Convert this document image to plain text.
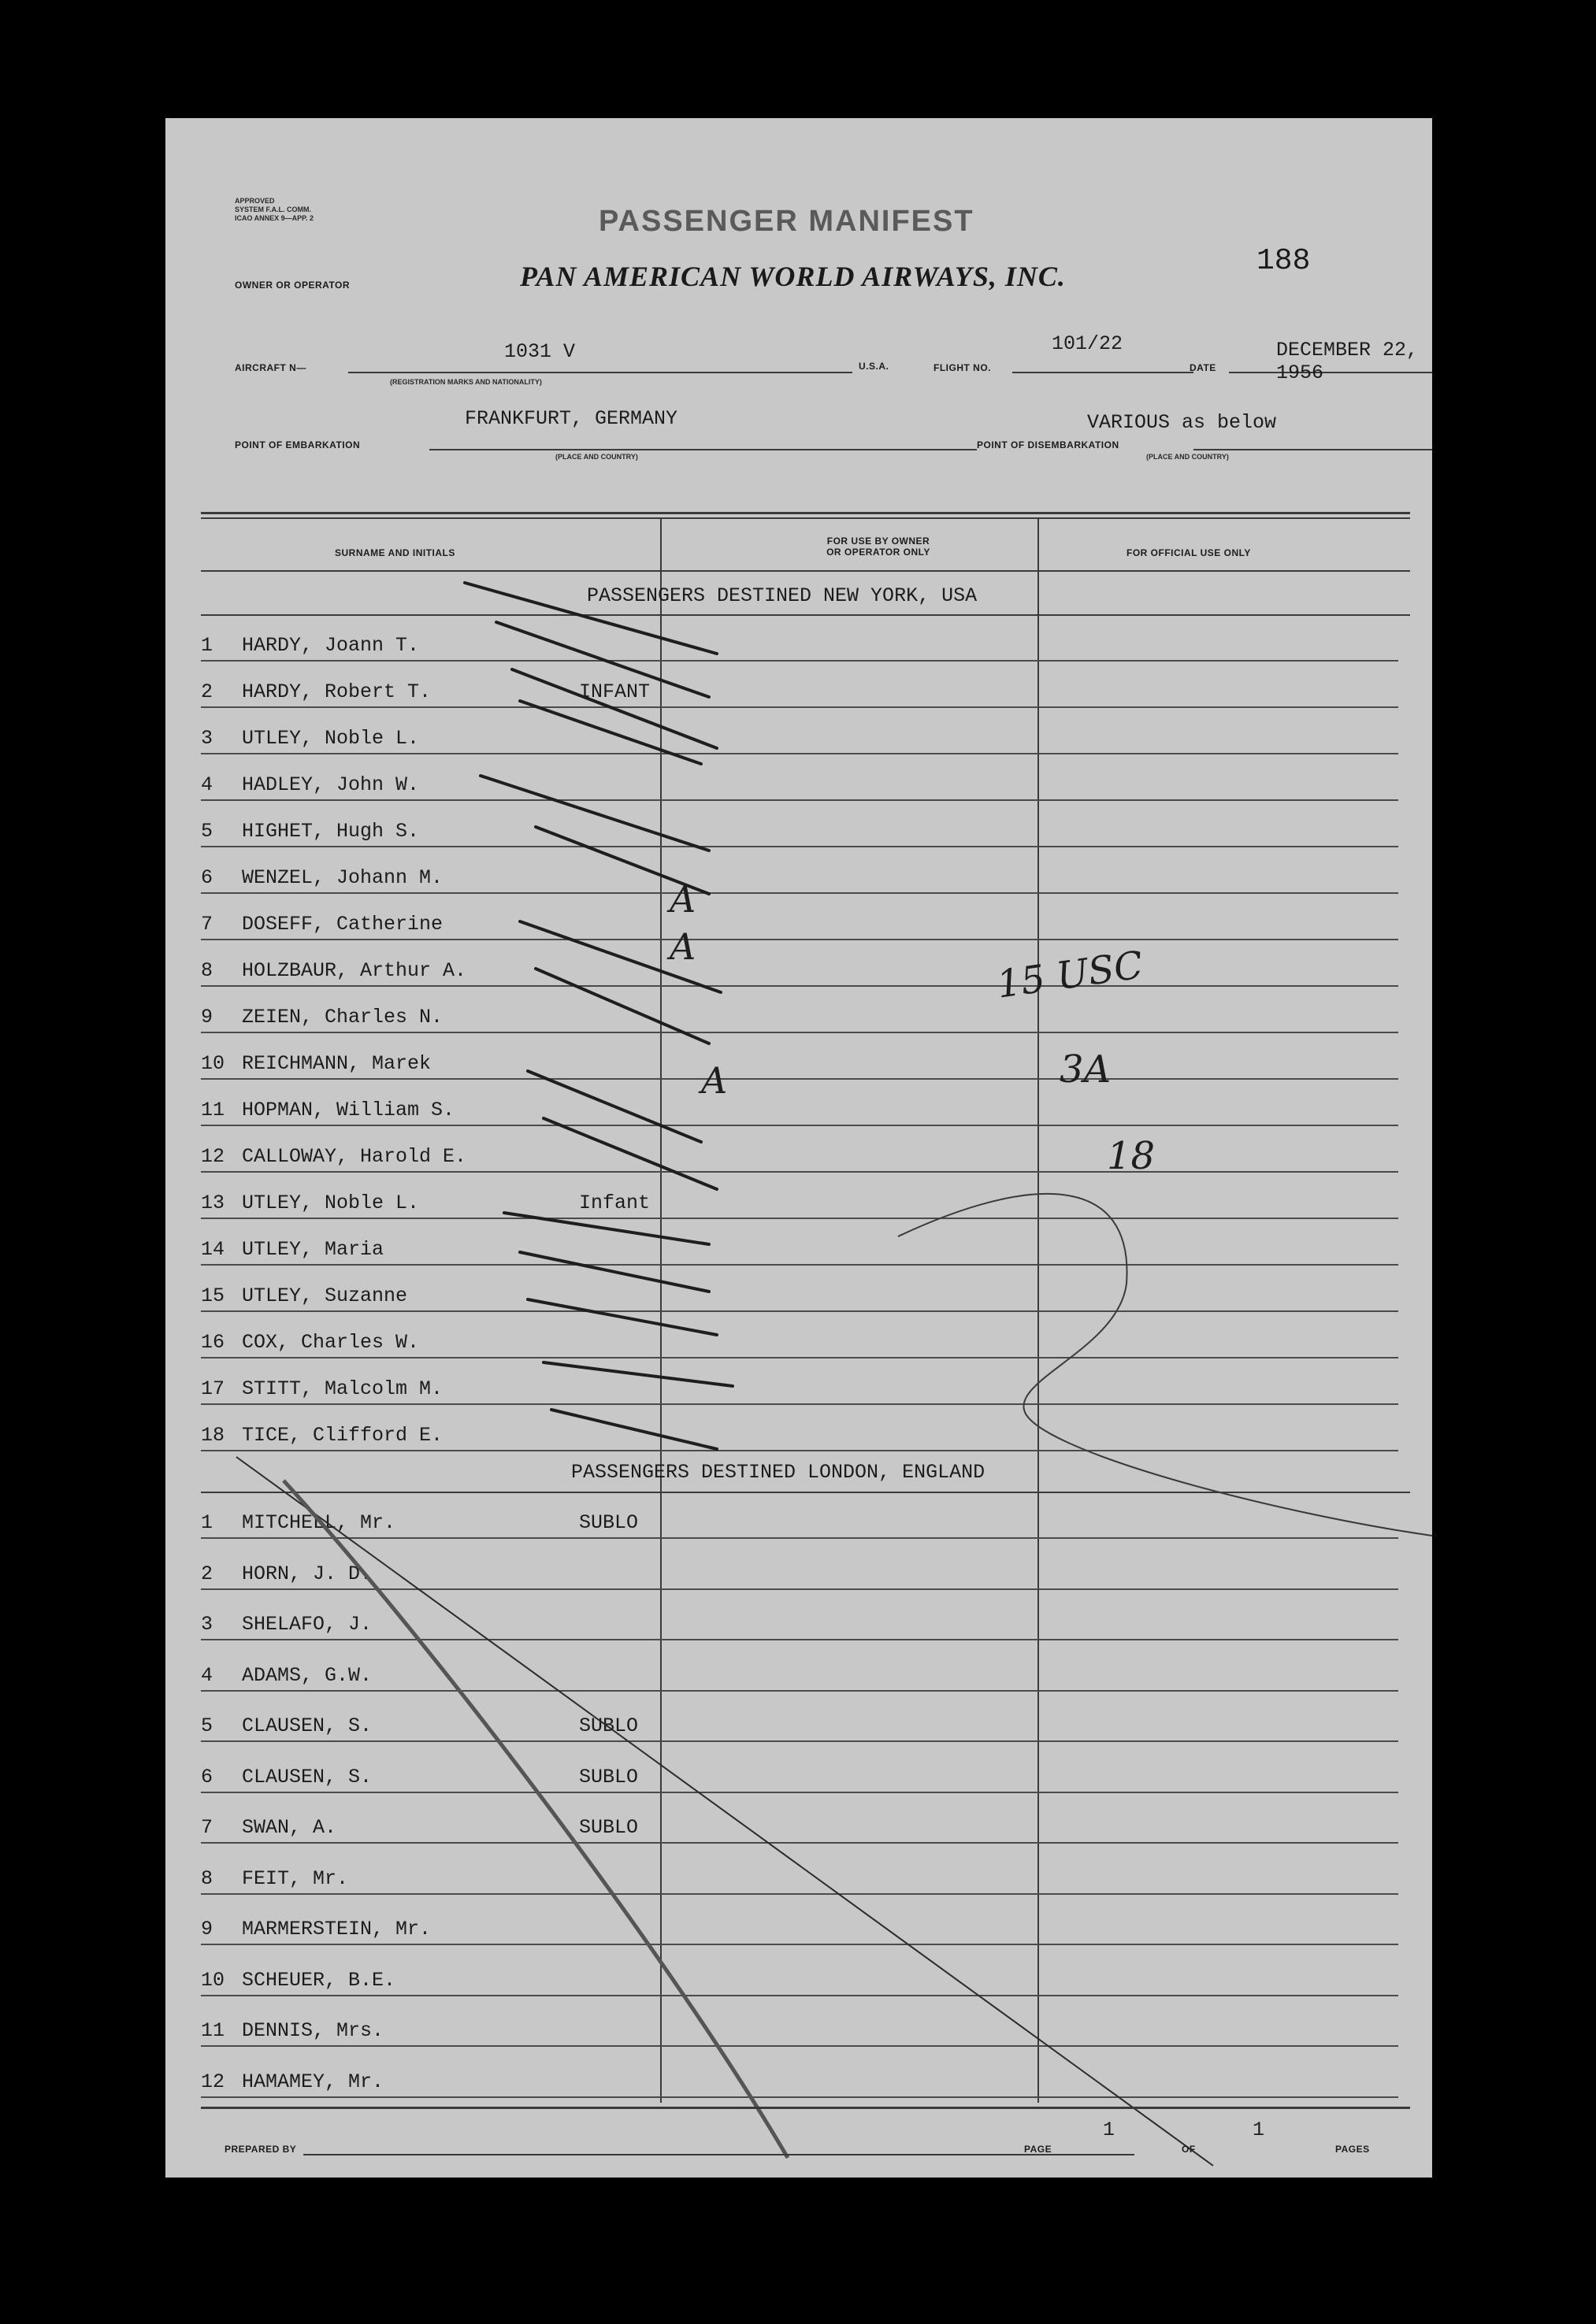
APPROVED
SYSTEM F.A.L. COMM.
ICAO ANNEX 9—APP. 2	PASSENGER MANIFEST
OWNER OR OPERATOR	PAN AMERICAN WORLD AIRWAYS, INC.	188
AIRCRAFT N—
1031 V
(REGISTRATION MARKS AND NATIONALITY)
U.S.A.	FLIGHT NO.
101/22
DATE
DECEMBER 22, 1956
POINT OF EMBARKATION
FRANKFURT, GERMANY
(PLACE AND COUNTRY)
POINT OF DISEMBARKATION
VARIOUS as below
(PLACE AND COUNTRY)
SURNAME AND INITIALS
FOR USE BY OWNER
OR OPERATOR ONLY	FOR OFFICIAL USE ONLY
PASSENGERS DESTINED NEW YORK, USA
1	HARDY, Joann T.
2	HARDY, Robert T.	INFANT
3	UTLEY, Noble L.
4	HADLEY, John W.
5	HIGHET, Hugh S.
6	WENZEL, Johann M.
7	DOSEFF, Catherine
8	HOLZBAUR, Arthur A.
9	ZEIEN, Charles N.
10 REICHMANN, Marek
11 HOPMAN, William S.
12 CALLOWAY, Harold E.
13 UTLEY, Noble L.	Infant
14 UTLEY, Maria
15 UTLEY, Suzanne
16 COX, Charles W.
17 STITT, Malcolm M.
18 TICE, Clifford E.
PASSENGERS DESTINED LONDON, ENGLAND
1	MITCHELL, Mr.	SUBLO
2	HORN, J. D.
3	SHELAFO, J.
4	ADAMS, G.W.
5	CLAUSEN, S.	SUBLO
6	CLAUSEN, S.	SUBLO
7	SWAN, A.	SUBLO
8	FEIT, Mr.
9	MARMERSTEIN, Mr.
10 SCHEUER, B.E.
11 DENNIS, Mrs.
12 HAMAMEY, Mr.
15 USC
3A
18
A
A
A
PREPARED BY	PAGE
1
OF
1
PAGES
